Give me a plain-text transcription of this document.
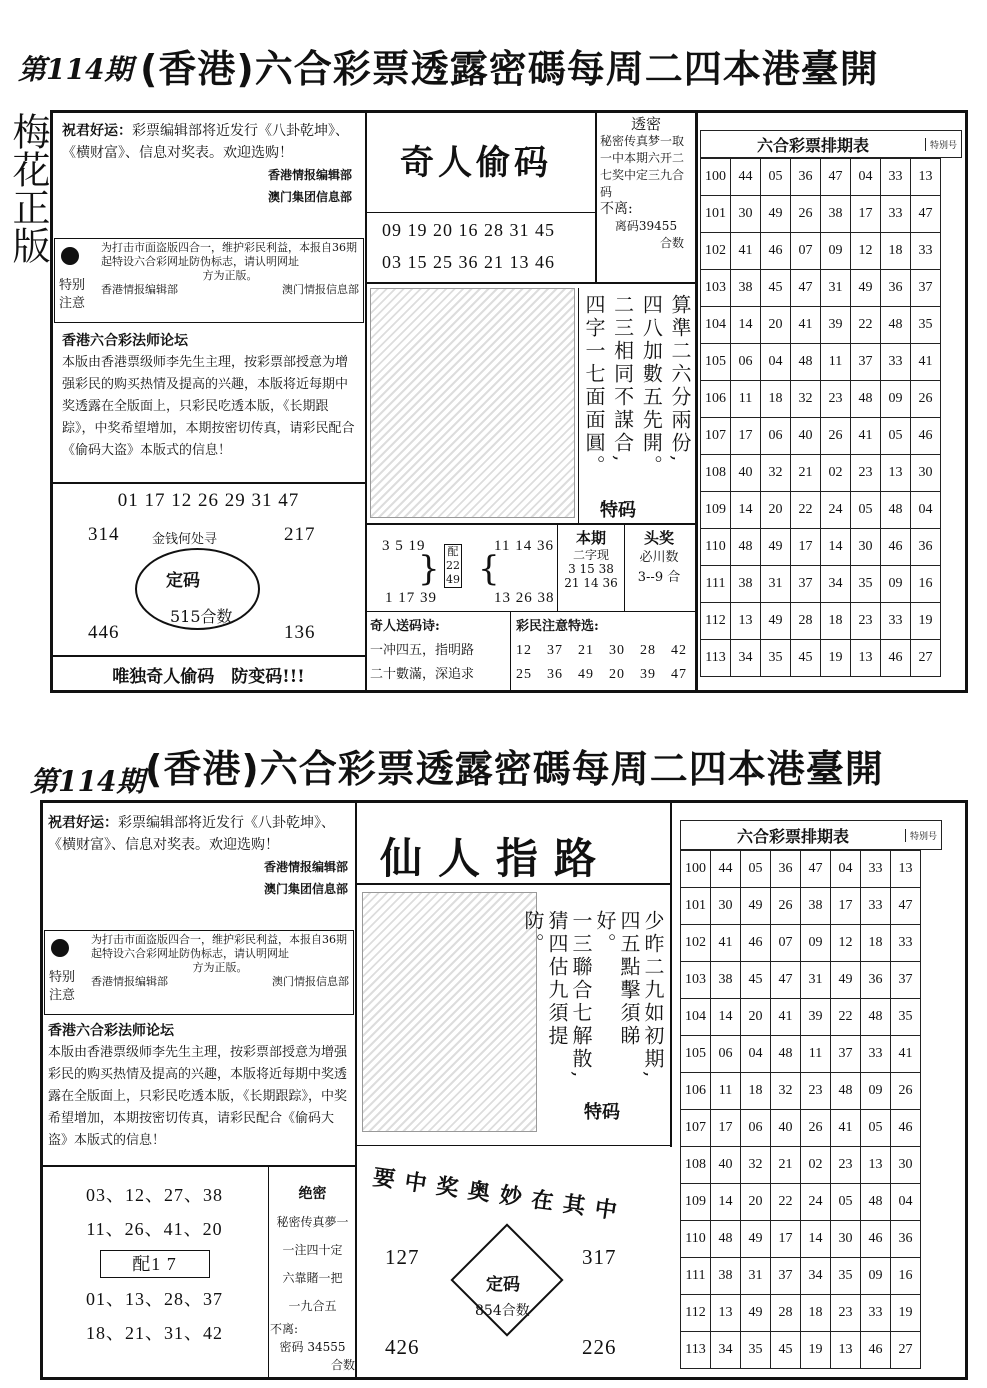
第114期 (香港)六合彩票透露密碼每周二四本港臺開
梅花正版 祝君好运：彩票编辑部将近发行《八卦乾坤》、《横财富》、信息对奖表。欢迎选购！
香港情报编辑部
澳门集团信息部
特别
注意
为打击市面盗版四合一，维护彩民利益，本报自36期起特设六合彩网址防伪标志，请认明网址
方为正版。
香港情报编辑部	澳门情报信息部
香港六合彩法师论坛
本版由香港票级师李先生主理，按彩票部授意为增强彩民的购买热情及提高的兴趣，本版将近每期中奖透露在全版面上，只彩民吃透本版，《长期跟踪》，中奖希望增加，本期按密切传真，请彩民配合《偷码大盗》本版式的信息！
01 17 12 26 29 31 47
314	217
446	136
金钱何处寻
定码
515合数
唯独奇人偷码　防变码!!!
奇人偷码
09 19 20 16 28 31 45
03 15 25 36 21 13 46
透密
秘密传真梦一取一中本期六开二七奖中定三九合码
不离:
离码39455
合数
算準二六分兩份,
四八加數五先開。
二三相同不謀合,
四字一七面面圓。
特码
3 5 19
1 17 39
} 配
22
49 {
11 14 36
13 26 38
本期
二字现
3 15 38
21 14 36
头奖
必川数
3--9 合
奇人送码诗:
一冲四五，指明路
二十數滿，深追求
彩民注意特选:
12　37　21　30　28　42
25　36　49　20　39　47
六合彩票排期表	特别号
100	44	05	36	47	04	33	13
101	30	49	26	38	17	33	47
102	41	46	07	09	12	18	33
103	38	45	47	31	49	36	37
104	14	20	41	39	22	48	35
105	06	04	48	11	37	33	41
106	11	18	32	23	48	09	26
107	17	06	40	26	41	05	46
108	40	32	21	02	23	13	30
109	14	20	22	24	05	48	04
110	48	49	17	14	30	46	36
111	38	31	37	34	35	09	16
112	13	49	28	18	23	33	19
113	34	35	45	19	13	46	27
第114期 (香港)六合彩票透露密碼每周二四本港臺開
祝君好运：彩票编辑部将近发行《八卦乾坤》、《横财富》、信息对奖表。欢迎选购！
香港情报编辑部
澳门集团信息部
特别
注意
为打击市面盗版四合一，维护彩民利益，本报自36期起特设六合彩网址防伪标志，请认明网址
方为正版。
香港情报编辑部	澳门情报信息部
香港六合彩法师论坛
本版由香港票级师李先生主理，按彩票部授意为增强彩民的购买热情及提高的兴趣，本版将近每期中奖透露在全版面上，只彩民吃透本版，《长期跟踪》，中奖希望增加，本期按密切传真，请彩民配合《偷码大盗》本版式的信息！
03、12、27、38
11、26、41、20
配1 7
01、13、28、37
18、21、31、42
绝密
秘密传真夢一
一注四十定
六靠賭一把
一九合五
不离:
密码 34555
合数
仙人指路
少昨二九如初期,
四五點擊須睇好。
一三聯合七解散,
猜四估九須提防。
特码
要中奖奥妙在其中
127	317
426	226
定码
854合数
六合彩票排期表	特别号
100	44	05	36	47	04	33	13
101	30	49	26	38	17	33	47
102	41	46	07	09	12	18	33
103	38	45	47	31	49	36	37
104	14	20	41	39	22	48	35
105	06	04	48	11	37	33	41
106	11	18	32	23	48	09	26
107	17	06	40	26	41	05	46
108	40	32	21	02	23	13	30
109	14	20	22	24	05	48	04
110	48	49	17	14	30	46	36
111	38	31	37	34	35	09	16
112	13	49	28	18	23	33	19
113	34	35	45	19	13	46	27
